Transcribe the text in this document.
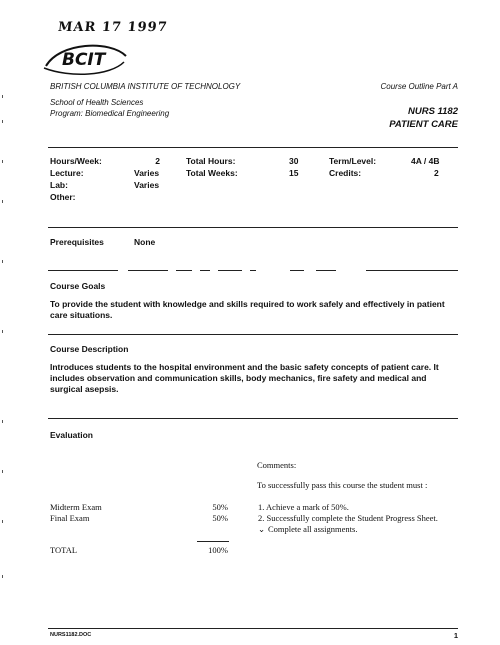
MAR 17 1997
BCIT
BRITISH COLUMBIA INSTITUTE OF TECHNOLOGY	Course Outline Part A
School of Health Sciences
Program: Biomedical Engineering	NURS 1182
PATIENT CARE
Hours/Week:	2
Lecture:	Varies
Lab:	Varies
Other:
Total Hours:	30
Total Weeks:	15
Term/Level:	4A / 4B
Credits:	2
Prerequisites	None
Course Goals
To provide the student with knowledge and skills required to work safely and effectively in patient care situations.
Course Description
Introduces students to the hospital environment and the basic safety concepts of patient care. It includes observation and communication skills, body mechanics, fire safety and medical and surgical asepsis.
Evaluation
Comments:
To successfully pass this course the student must :
Midterm Exam	50%
Final Exam	50%
1. Achieve a mark of 50%.
2. Successfully complete the Student Progress Sheet.
⌄ Complete all assignments.
TOTAL	100%
NURS1182.DOC	1
